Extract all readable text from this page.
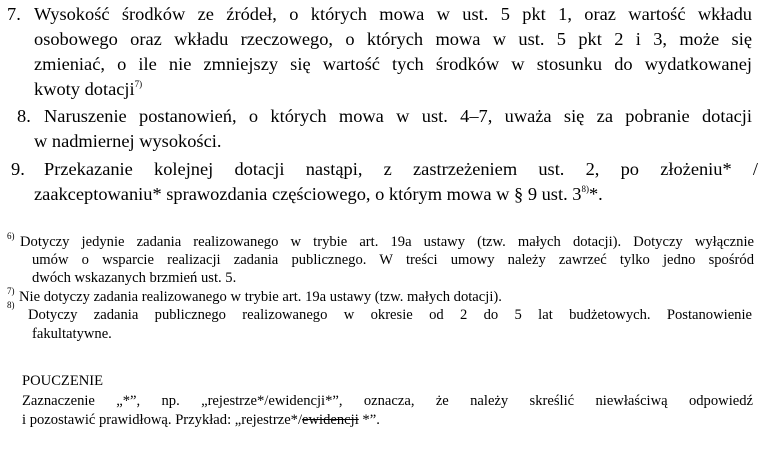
7. Wysokość środków ze źródeł, o których mowa w ust. 5 pkt 1, oraz wartość wkładu
osobowego oraz wkładu rzeczowego, o których mowa w ust. 5 pkt 2 i 3, może się
zmieniać, o ile nie zmniejszy się wartość tych środków w stosunku do wydatkowanej
kwoty dotacji$^{7)}$
8. Naruszenie postanowień, o których mowa w ust. 4–7, uważa się za pobranie dotacji
w nadmiernej wysokości.
9. Przekazanie kolejnej dotacji nastąpi, z zastrzeżeniem ust. 2, po złożeniu* /
zaakceptowaniu* sprawozdania częściowego, o którym mowa w § 9 ust. 3$^{8)}$*.
6) Dotyczy jedynie zadania realizowanego w trybie art. 19a ustawy (tzw. małych dotacji). Dotyczy wyłącznie
umów o wsparcie realizacji zadania publicznego. W treści umowy należy zawrzeć tylko jedno spośród
dwóch wskazanych brzmień ust. 5.
7) Nie dotyczy zadania realizowanego w trybie art. 19a ustawy (tzw. małych dotacji).
8)
Dotyczy zadania publicznego realizowanego w okresie od 2 do 5 lat budżetowych. Postanowienie
fakultatywne.
POUCZENIE
Zaznaczenie „*”, np. „rejestrze*/ewidencji*”, oznacza, że należy skreślić niewłaściwą odpowiedź
i pozostawić prawidłową. Przykład: „rejestrze*/ewidencji *”.
